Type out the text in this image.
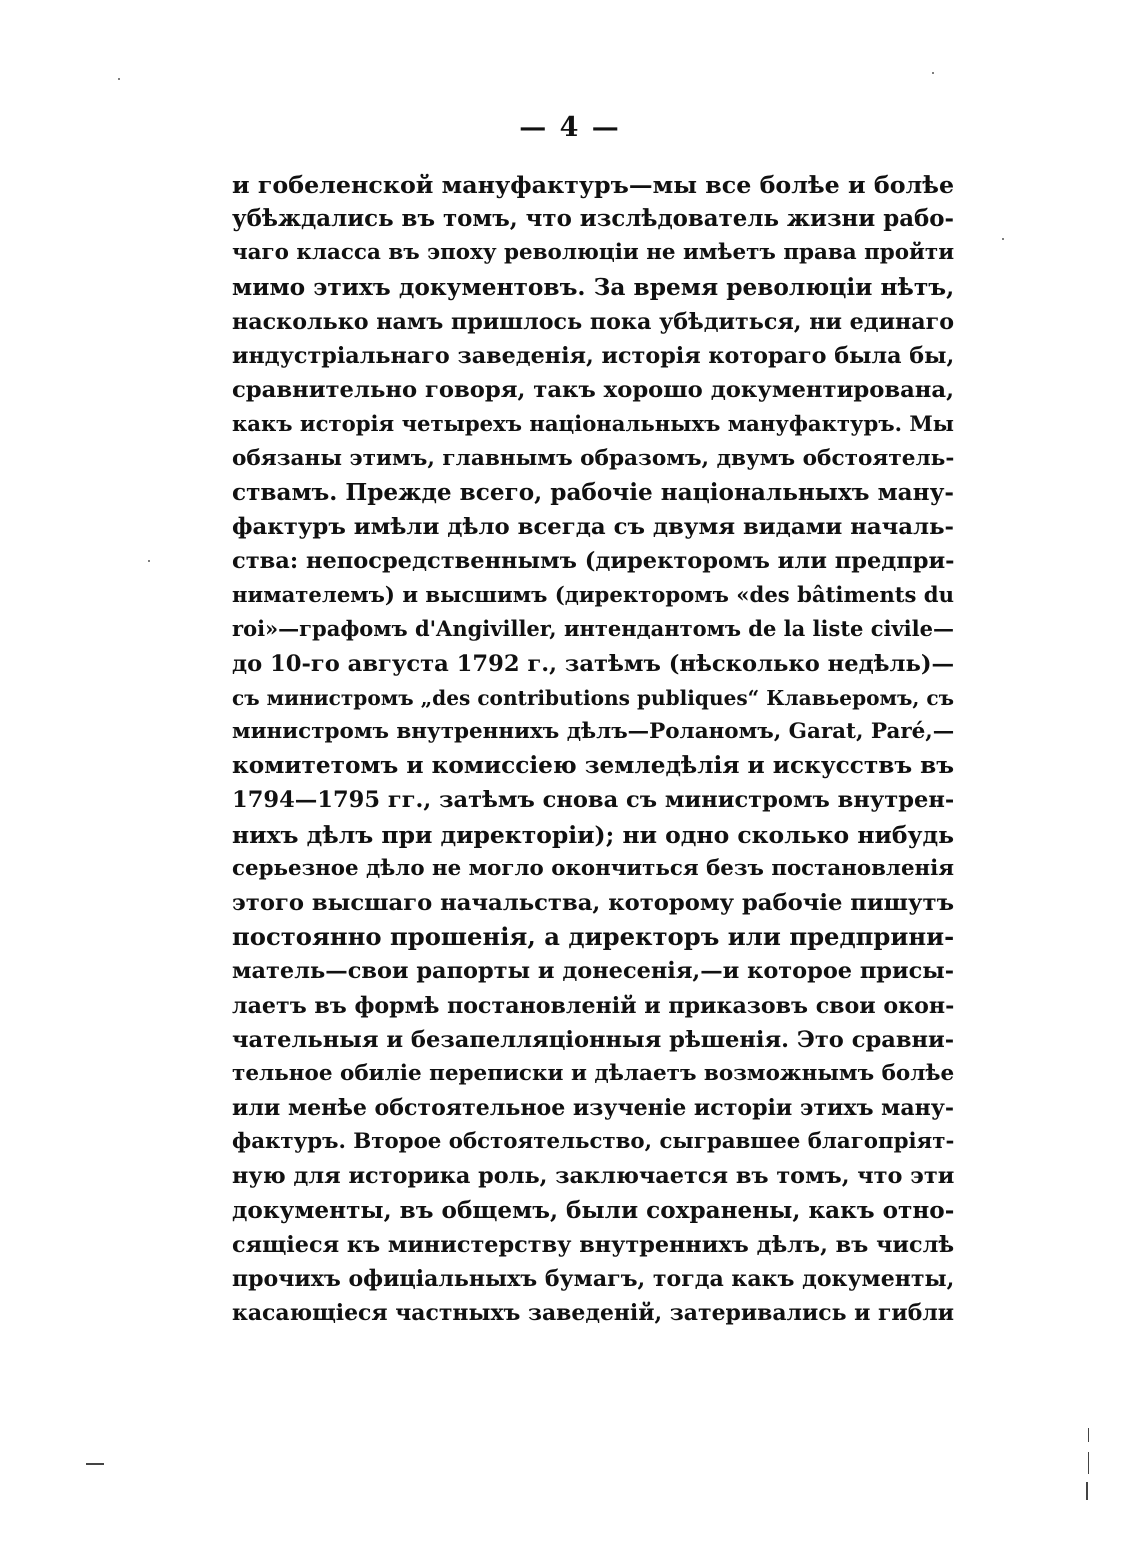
— 4 —
и гобеленской мануфактуръ—мы все болѣе и болѣе
убѣждались въ томъ, что изслѣдователь жизни рабо-
чаго класса въ эпоху революціи не имѣетъ права пройти
мимо этихъ документовъ. За время революціи нѣтъ,
насколько намъ пришлось пока убѣдиться, ни единаго
индустріальнаго заведенія, исторія котораго была бы,
сравнительно говоря, такъ хорошо документирована,
какъ исторія четырехъ національныхъ мануфактуръ. Мы
обязаны этимъ, главнымъ образомъ, двумъ обстоятель-
ствамъ. Прежде всего, рабочіе національныхъ ману-
фактуръ имѣли дѣло всегда съ двумя видами началь-
ства: непосредственнымъ (директоромъ или предпри-
нимателемъ) и высшимъ (директоромъ «des bâtiments du
roi»—графомъ d'Angiviller, интендантомъ de la liste civile—
до 10-го августа 1792 г., затѣмъ (нѣсколько недѣль)—
съ министромъ „des contributions publiques“ Клавьеромъ, съ
министромъ внутреннихъ дѣлъ—Роланомъ, Garat, Paré,—
комитетомъ и комиссіею земледѣлія и искусствъ въ
1794—1795 гг., затѣмъ снова съ министромъ внутрен-
нихъ дѣлъ при директоріи); ни одно сколько нибудь
серьезное дѣло не могло окончиться безъ постановленія
этого высшаго начальства, которому рабочіе пишутъ
постоянно прошенія, а директоръ или предприни-
матель—свои рапорты и донесенія,—и которое присы-
лаетъ въ формѣ постановленій и приказовъ свои окон-
чательныя и безапелляціонныя рѣшенія. Это сравни-
тельное обиліе переписки и дѣлаетъ возможнымъ болѣе
или менѣе обстоятельное изученіе исторіи этихъ ману-
фактуръ. Второе обстоятельство, сыгравшее благопріят-
ную для историка роль, заключается въ томъ, что эти
документы, въ общемъ, были сохранены, какъ отно-
сящіеся къ министерству внутреннихъ дѣлъ, въ числѣ
прочихъ офиціальныхъ бумагъ, тогда какъ документы,
касающіеся частныхъ заведеній, затеривались и гибли
